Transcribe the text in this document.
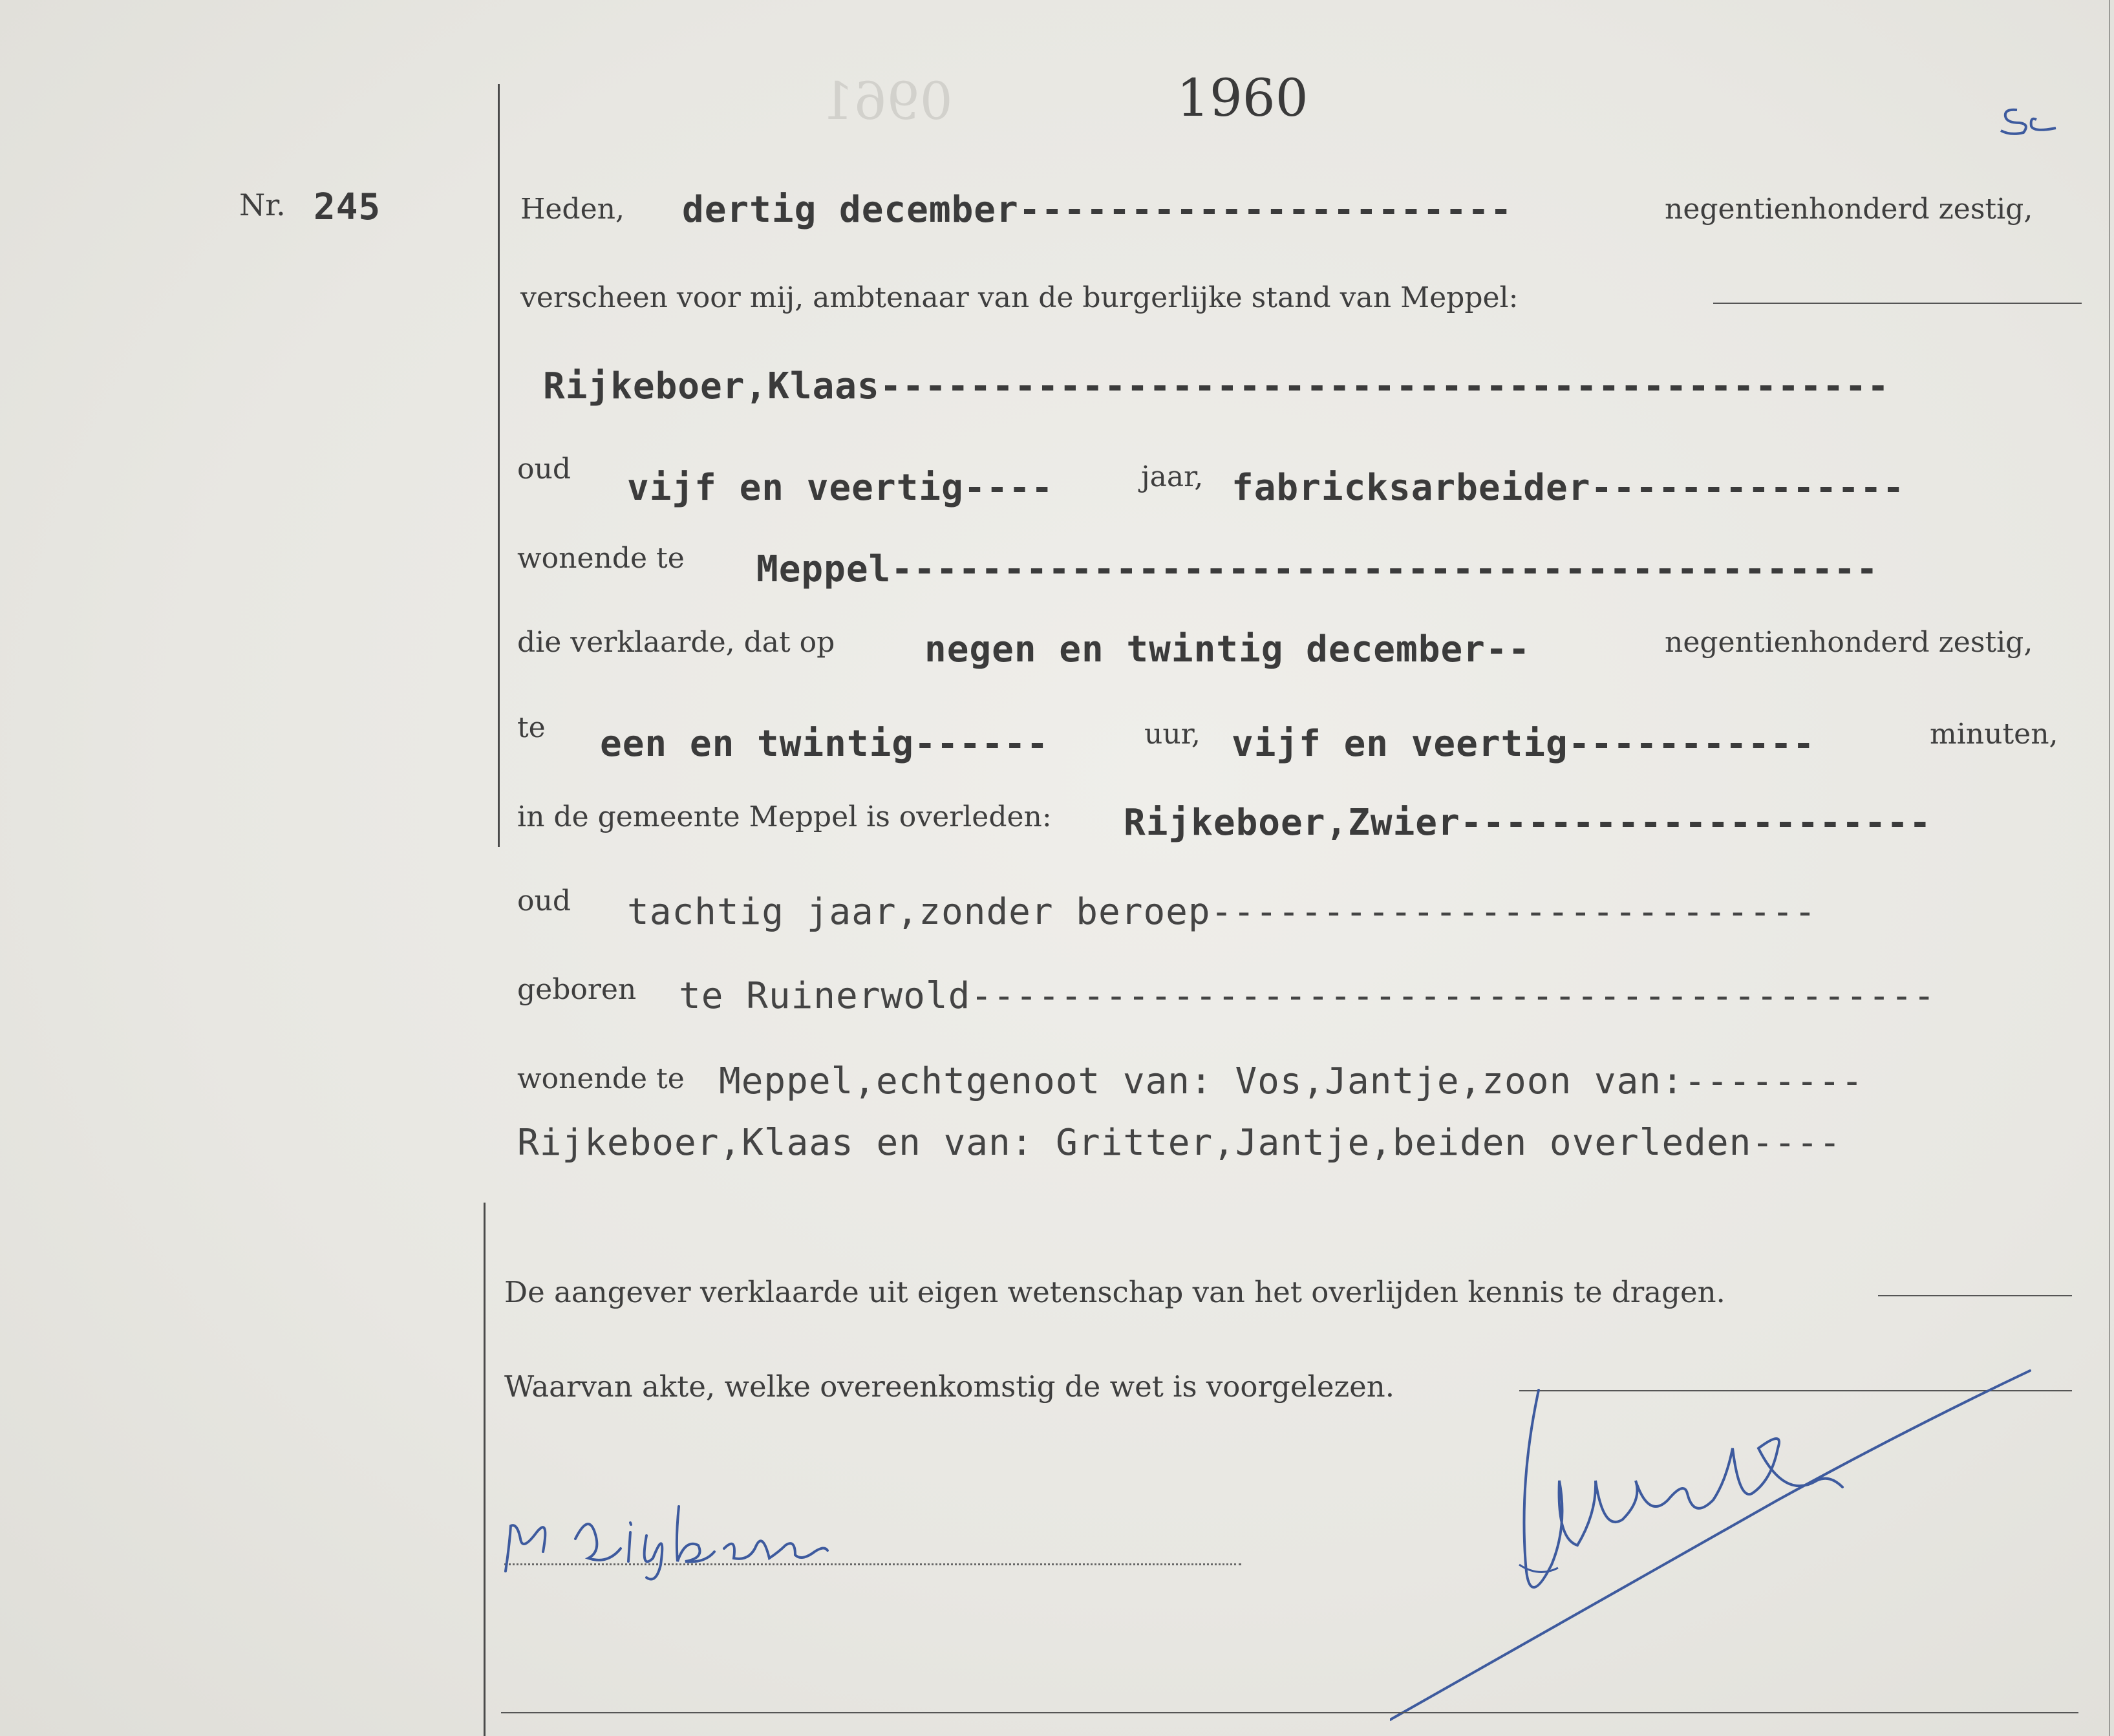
0961

	1960
Nr. 245	Heden, dertig december----------------------	negentienhonderd zestig,
verscheen voor mij, ambtenaar van de burgerlijke stand van Meppel:
Rijkeboer,Klaas---------------------------------------------
oud vijf en veertig----	jaar, fabricksarbeider--------------
wonende te Meppel--------------------------------------------
die verklaarde, dat op negen en twintig december--	negentienhonderd zestig,
te een en twintig------	uur, vijf en veertig-----------	minuten,
in de gemeente Meppel is overleden: Rijkeboer,Zwier---------------------
oud tachtig jaar,zonder beroep---------------------------
geboren te Ruinerwold-------------------------------------------
wonende te Meppel,echtgenoot van: Vos,Jantje,zoon van:--------
Rijkeboer,Klaas en van: Gritter,Jantje,beiden overleden----
De aangever verklaarde uit eigen wetenschap van het overlijden kennis te dragen.
Waarvan akte, welke overeenkomstig de wet is voorgelezen.
